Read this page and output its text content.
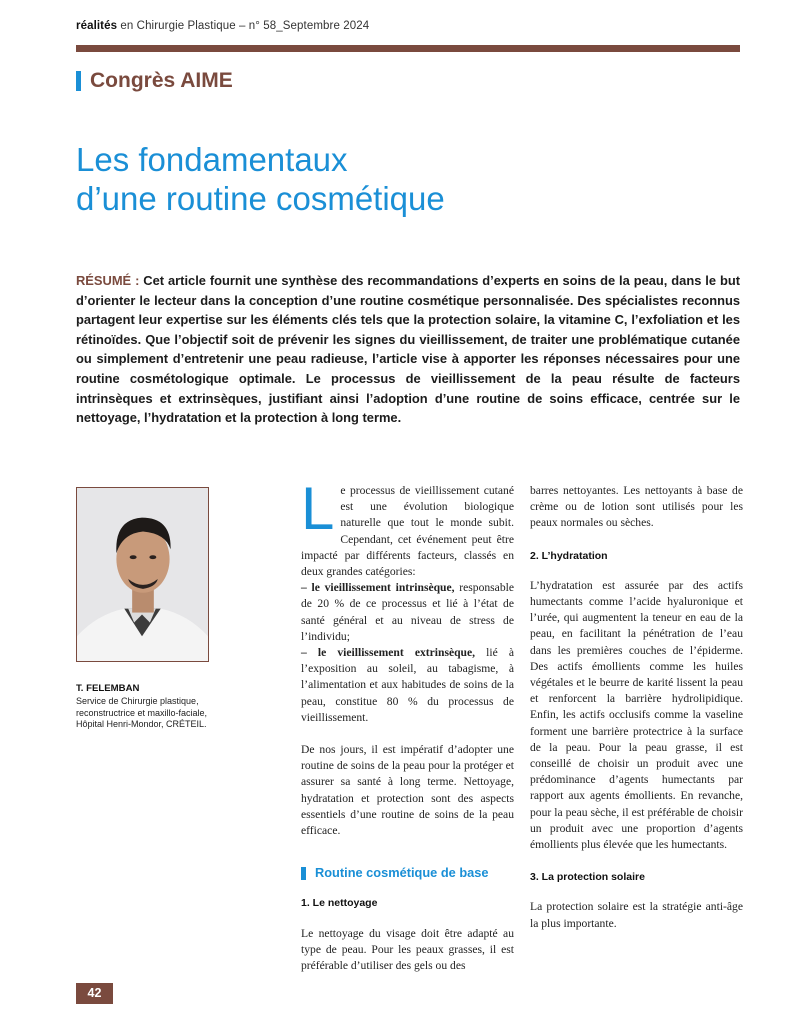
réalités en Chirurgie Plastique – n° 58_Septembre 2024
Congrès AIME
Les fondamentaux
d’une routine cosmétique
RÉSUMÉ : Cet article fournit une synthèse des recommandations d’experts en soins de la peau, dans le but d’orienter le lecteur dans la conception d’une routine cosmétique personnalisée. Des spécialistes reconnus partagent leur expertise sur les éléments clés tels que la protection solaire, la vitamine C, l’exfoliation et les rétinoïdes. Que l’objectif soit de prévenir les signes du vieillissement, de traiter une problématique cutanée ou simplement d’entretenir une peau radieuse, l’article vise à apporter les réponses nécessaires pour une routine cosmétologique optimale. Le processus de vieillissement de la peau résulte de facteurs intrinsèques et extrinsèques, justifiant ainsi l’adoption d’une routine de soins efficace, centrée sur le nettoyage, l’hydratation et la protection à long terme.
T. FELEMBAN
Service de Chirurgie plastique,
reconstructrice et maxillo-faciale,
Hôpital Henri-Mondor, CRÉTEIL.

Le processus de vieillissement cutané est une évolution biologique naturelle que tout le monde subit. Cependant, cet événement peut être impacté par différents facteurs, classés en deux grandes catégories:

– le vieillissement intrinsèque, responsable de 20 % de ce processus et lié à l’état de santé général et au niveau de stress de l’individu;

– le vieillissement extrinsèque, lié à l’exposition au soleil, au tabagisme, à l’alimentation et aux habitudes de soins de la peau, constitue 80 % du processus de vieillissement.

De nos jours, il est impératif d’adopter une routine de soins de la peau pour la protéger et assurer sa santé à long terme. Nettoyage, hydratation et protection sont des aspects essentiels d’une routine de soins de la peau efficace.

Routine cosmétique de base
1. Le nettoyage

Le nettoyage du visage doit être adapté au type de peau. Pour les peaux grasses, il est préférable d’utiliser des gels ou des

barres nettoyantes. Les nettoyants à base de crème ou de lotion sont utilisés pour les peaux normales ou sèches.

2. L’hydratation

L’hydratation est assurée par des actifs humectants comme l’acide hyaluronique et l’urée, qui augmentent la teneur en eau de la peau, en facilitant la pénétration de l’eau dans les premières couches de l’épiderme. Des actifs émollients comme les huiles végétales et le beurre de karité lissent la peau et renforcent la barrière hydrolipidique. Enfin, les actifs occlusifs comme la vaseline forment une barrière protectrice à la surface de la peau. Pour la peau grasse, il est conseillé de choisir un produit avec une prédominance d’agents humectants par rapport aux agents émollients. En revanche, pour la peau sèche, il est préférable de choisir un produit avec une proportion d’agents émollients plus élevée que les humectants.

3. La protection solaire

La protection solaire est la stratégie anti-âge la plus importante.

42
